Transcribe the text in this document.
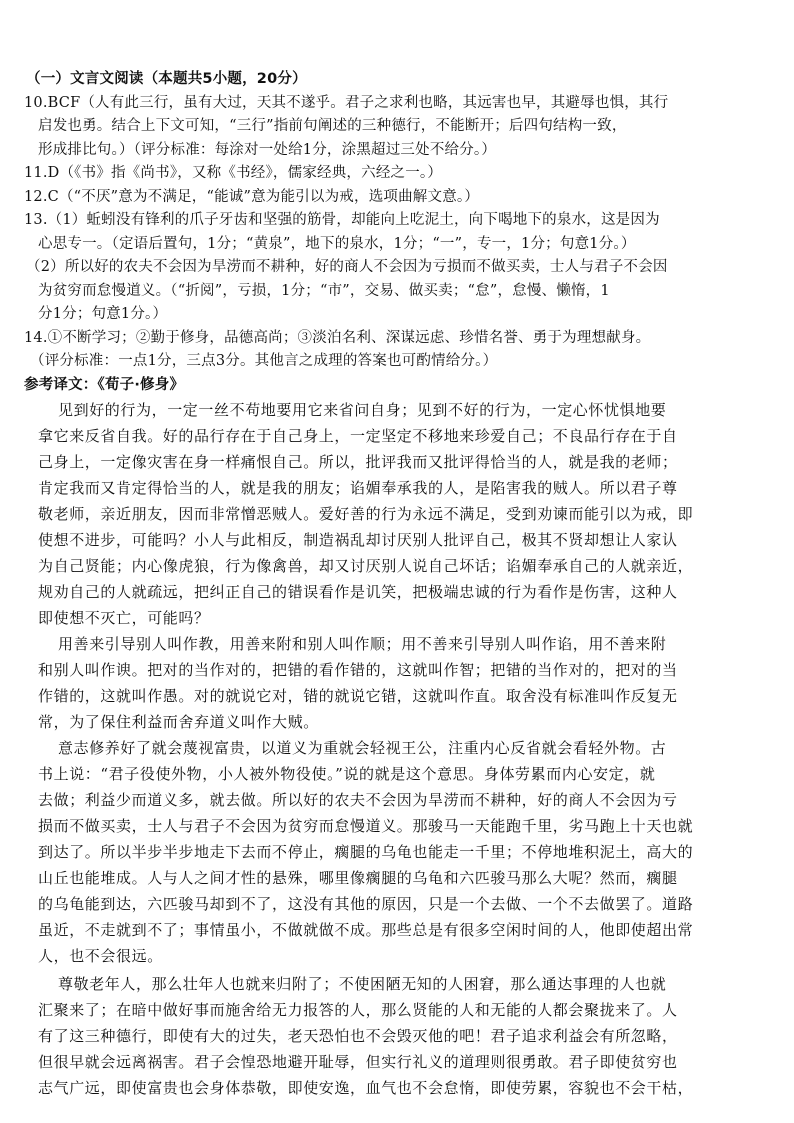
（一）文言文阅读（本题共5小题，20分）
10.BCF（人有此三行，虽有大过，天其不遂乎。君子之求利也略，其远害也早，其避辱也惧，其行
启发也勇。结合上下文可知，“三行”指前句阐述的三种德行，不能断开；后四句结构一致，
形成排比句。）（评分标准：每涂对一处给1分，涂黑超过三处不给分。）
11.D（《书》指《尚书》，又称《书经》，儒家经典，六经之一。）
12.C（“不厌”意为不满足，“能诚”意为能引以为戒，选项曲解文意。）
13.（1）蚯蚓没有锋利的爪子牙齿和坚强的筋骨，却能向上吃泥土，向下喝地下的泉水，这是因为
心思专一。（定语后置句，1分；“黄泉”，地下的泉水，1分；“一”，专一，1分；句意1分。）
（2）所以好的农夫不会因为旱涝而不耕种，好的商人不会因为亏损而不做买卖，士人与君子不会因
为贫穷而怠慢道义。（“折阅”，亏损，1分；“市”，交易、做买卖；“怠”，怠慢、懒惰，1
分1分；句意1分。）
14.①不断学习；②勤于修身，品德高尚；③淡泊名利、深谋远虑、珍惜名誉、勇于为理想献身。
（评分标准：一点1分，三点3分。其他言之成理的答案也可酌情给分。）
参考译文：《荀子·修身》
见到好的行为，一定一丝不苟地要用它来省问自身；见到不好的行为，一定心怀忧惧地要
拿它来反省自我。好的品行存在于自己身上，一定坚定不移地来珍爱自己；不良品行存在于自
己身上，一定像灾害在身一样痛恨自己。所以，批评我而又批评得恰当的人，就是我的老师；
肯定我而又肯定得恰当的人，就是我的朋友；谄媚奉承我的人，是陷害我的贼人。所以君子尊
敬老师，亲近朋友，因而非常憎恶贼人。爱好善的行为永远不满足，受到劝谏而能引以为戒，即
使想不进步，可能吗？小人与此相反，制造祸乱却讨厌别人批评自己，极其不贤却想让人家认
为自己贤能；内心像虎狼，行为像禽兽，却又讨厌别人说自己坏话；谄媚奉承自己的人就亲近，
规劝自己的人就疏远，把纠正自己的错误看作是讥笑，把极端忠诚的行为看作是伤害，这种人
即使想不灭亡，可能吗？
用善来引导别人叫作教，用善来附和别人叫作顺；用不善来引导别人叫作谄，用不善来附
和别人叫作谀。把对的当作对的，把错的看作错的，这就叫作智；把错的当作对的，把对的当
作错的，这就叫作愚。对的就说它对，错的就说它错，这就叫作直。取舍没有标准叫作反复无
常，为了保住利益而舍弃道义叫作大贼。
意志修养好了就会蔑视富贵，以道义为重就会轻视王公，注重内心反省就会看轻外物。古
书上说：“君子役使外物，小人被外物役使。”说的就是这个意思。身体劳累而内心安定，就
去做；利益少而道义多，就去做。所以好的农夫不会因为旱涝而不耕种，好的商人不会因为亏
损而不做买卖，士人与君子不会因为贫穷而怠慢道义。那骏马一天能跑千里，劣马跑上十天也就
到达了。所以半步半步地走下去而不停止，瘸腿的乌龟也能走一千里；不停地堆积泥土，高大的
山丘也能堆成。人与人之间才性的悬殊，哪里像瘸腿的乌龟和六匹骏马那么大呢？然而，瘸腿
的乌龟能到达，六匹骏马却到不了，这没有其他的原因，只是一个去做、一个不去做罢了。道路
虽近，不走就到不了；事情虽小，不做就做不成。那些总是有很多空闲时间的人，他即使超出常
人，也不会很远。
尊敬老年人，那么壮年人也就来归附了；不使困陋无知的人困窘，那么通达事理的人也就
汇聚来了；在暗中做好事而施舍给无力报答的人，那么贤能的人和无能的人都会聚拢来了。人
有了这三种德行，即使有大的过失，老天恐怕也不会毁灭他的吧！君子追求利益会有所忽略，
但很早就会远离祸害。君子会惶恐地避开耻辱，但实行礼义的道理则很勇敢。君子即使贫穷也
志气广远，即使富贵也会身体恭敬，即使安逸，血气也不会怠惰，即使劳累，容貌也不会干枯，
